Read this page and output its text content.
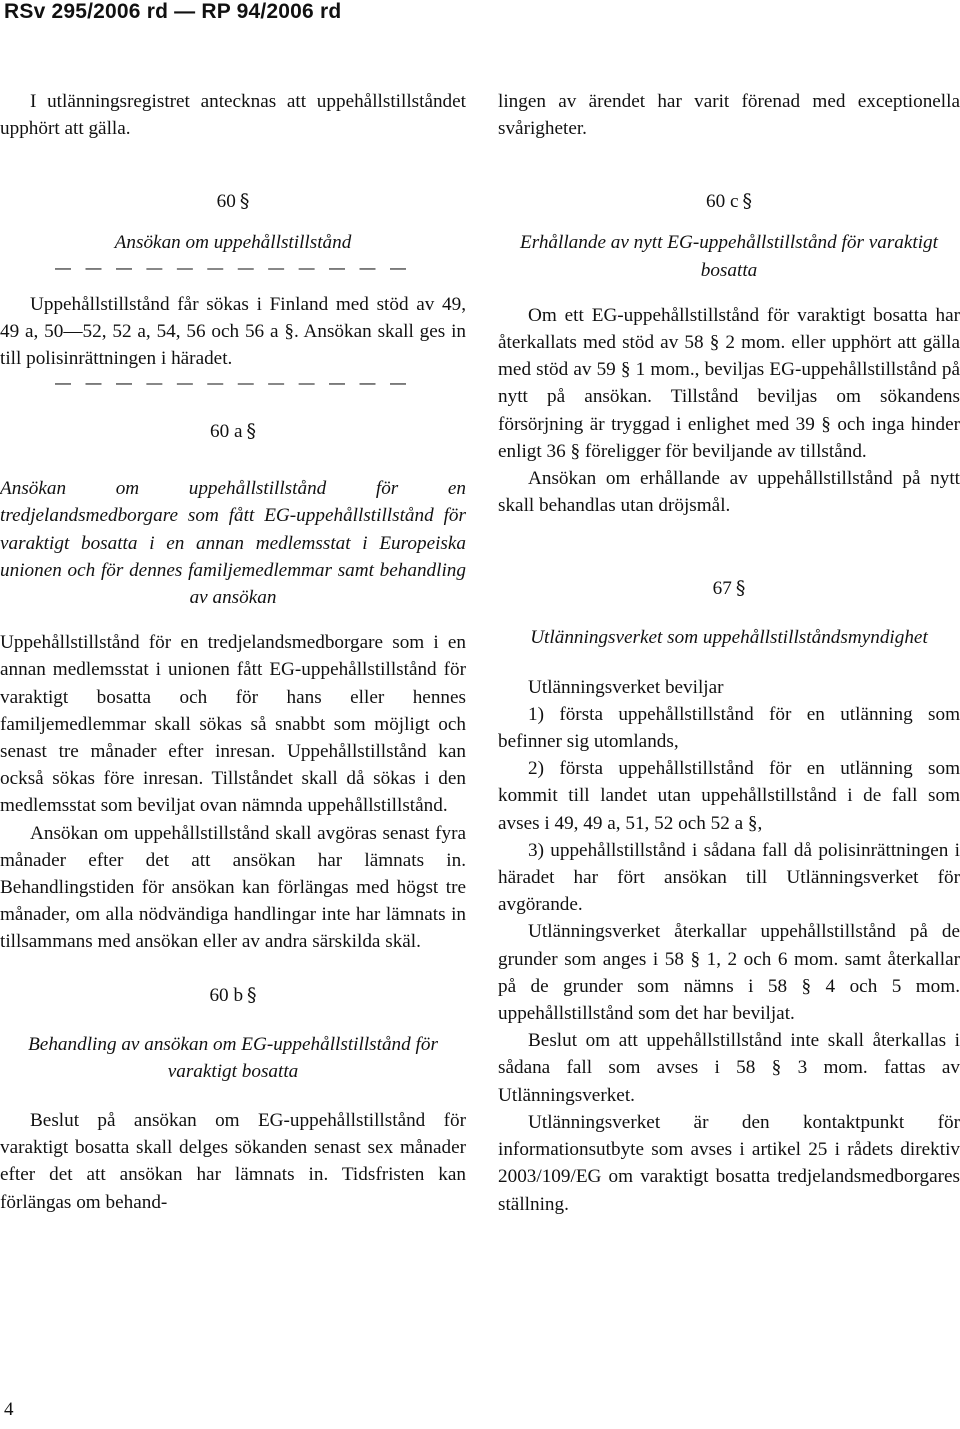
RSv 295/2006 rd — RP 94/2006 rd

I utlänningsregistret antecknas att uppehållstillståndet upphört att gälla.

60 §
Ansökan om uppehållstillstånd
— — — — — — — — — — — —

Uppehållstillstånd får sökas i Finland med stöd av 49, 49 a, 50—52, 52 a, 54, 56 och 56 a §. Ansökan skall ges in till polisinrättningen i häradet.

— — — — — — — — — — — —
60 a §
Ansökan om uppehållstillstånd för en tredjelandsmedborgare som fått EG-uppehållstillstånd för varaktigt bosatta i en annan medlemsstat i Europeiska unionen och för dennes familjemedlemmar samt behandling av ansökan

Uppehållstillstånd för en tredjelandsmedborgare som i en annan medlemsstat i unionen fått EG-uppehållstillstånd för varaktigt bosatta och för hans eller hennes familjemedlemmar skall sökas så snabbt som möjligt och senast tre månader efter inresan. Uppehållstillstånd kan också sökas före inresan. Tillståndet skall då sökas i den medlemsstat som beviljat ovan nämnda uppehållstillstånd.

Ansökan om uppehållstillstånd skall avgöras senast fyra månader efter det att ansökan har lämnats in. Behandlingstiden för ansökan kan förlängas med högst tre månader, om alla nödvändiga handlingar inte har lämnats in tillsammans med ansökan eller av andra särskilda skäl.

60 b §
Behandling av ansökan om EG-uppehållstillstånd för varaktigt bosatta

Beslut på ansökan om EG-uppehållstillstånd för varaktigt bosatta skall delges sökanden senast sex månader efter det att ansökan har lämnats in. Tidsfristen kan förlängas om behand-

lingen av ärendet har varit förenad med exceptionella svårigheter.

60 c §
Erhållande av nytt EG-uppehållstillstånd för varaktigt bosatta

Om ett EG-uppehållstillstånd för varaktigt bosatta har återkallats med stöd av 58 § 2 mom. eller upphört att gälla med stöd av 59 § 1 mom., beviljas EG-uppehållstillstånd på nytt på ansökan. Tillstånd beviljas om sökandens försörjning är tryggad i enlighet med 39 § och inga hinder enligt 36 § föreligger för beviljande av tillstånd.

Ansökan om erhållande av uppehållstillstånd på nytt skall behandlas utan dröjsmål.

67 §
Utlänningsverket som uppehållstillståndsmyndighet

Utlänningsverket beviljar

1) första uppehållstillstånd för en utlänning som befinner sig utomlands,

2) första uppehållstillstånd för en utlänning som kommit till landet utan uppehållstillstånd i de fall som avses i 49, 49 a, 51, 52 och 52 a §,

3) uppehållstillstånd i sådana fall då polisinrättningen i häradet har fört ansökan till Utlänningsverket för avgörande.

Utlänningsverket återkallar uppehållstillstånd på de grunder som anges i 58 § 1, 2 och 6 mom. samt återkallar på de grunder som nämns i 58 § 4 och 5 mom. uppehållstillstånd som det har beviljat.

Beslut om att uppehållstillstånd inte skall återkallas i sådana fall som avses i 58 § 3 mom. fattas av Utlänningsverket.

Utlänningsverket är den kontaktpunkt för informationsutbyte som avses i artikel 25 i rådets direktiv 2003/109/EG om varaktigt bosatta tredjelandsmedborgares ställning.

4
